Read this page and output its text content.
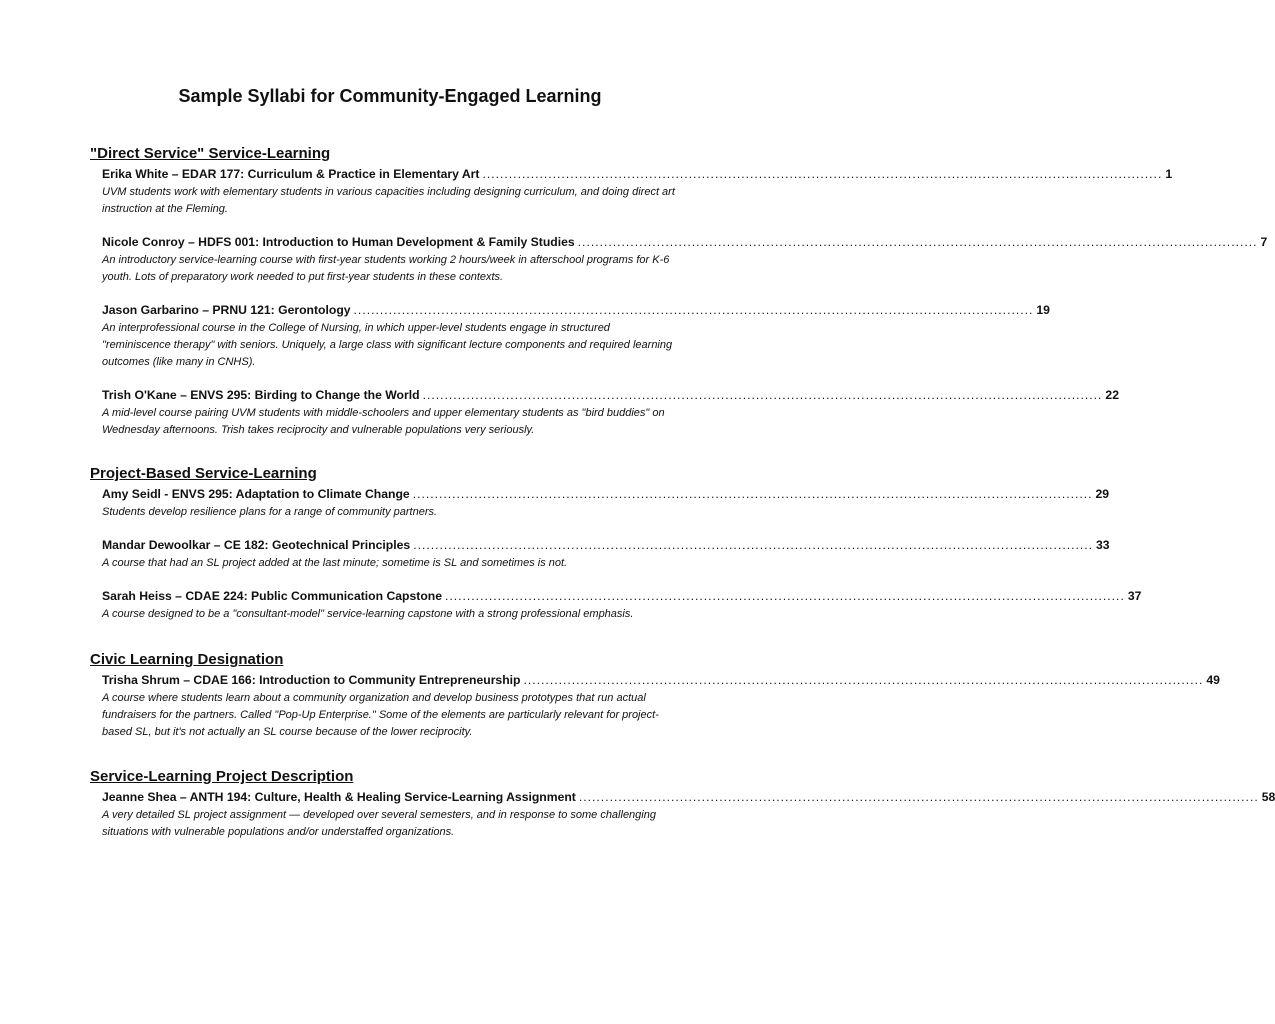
Sample Syllabi for Community-Engaged Learning
"Direct Service" Service-Learning
Erika White – EDAR 177: Curriculum & Practice in Elementary Art ........................................................................................................................................................... 1
UVM students work with elementary students in various capacities including designing curriculum, and doing direct art instruction at the Fleming.
Nicole Conroy – HDFS 001: Introduction to Human Development & Family Studies ........................................................................................................................................................... 7
An introductory service-learning course with first-year students working 2 hours/week in afterschool programs for K-6 youth. Lots of preparatory work needed to put first-year students in these contexts.
Jason Garbarino – PRNU 121: Gerontology ........................................................................................................................................................... 19
An interprofessional course in the College of Nursing, in which upper-level students engage in structured "reminiscence therapy" with seniors. Uniquely, a large class with significant lecture components and required learning outcomes (like many in CNHS).
Trish O'Kane – ENVS 295: Birding to Change the World ........................................................................................................................................................... 22
A mid-level course pairing UVM students with middle-schoolers and upper elementary students as "bird buddies" on Wednesday afternoons. Trish takes reciprocity and vulnerable populations very seriously.
Project-Based Service-Learning
Amy Seidl - ENVS 295: Adaptation to Climate Change ........................................................................................................................................................... 29
Students develop resilience plans for a range of community partners.
Mandar Dewoolkar – CE 182: Geotechnical Principles ........................................................................................................................................................... 33
A course that had an SL project added at the last minute; sometime is SL and sometimes is not.
Sarah Heiss – CDAE 224: Public Communication Capstone ........................................................................................................................................................... 37
A course designed to be a "consultant-model" service-learning capstone with a strong professional emphasis.
Civic Learning Designation
Trisha Shrum – CDAE 166: Introduction to Community Entrepreneurship ........................................................................................................................................................... 49
A course where students learn about a community organization and develop business prototypes that run actual fundraisers for the partners. Called "Pop-Up Enterprise." Some of the elements are particularly relevant for project-based SL, but it's not actually an SL course because of the lower reciprocity.
Service-Learning Project Description
Jeanne Shea – ANTH 194: Culture, Health & Healing Service-Learning Assignment ........................................................................................................................................................... 58
A very detailed SL project assignment — developed over several semesters, and in response to some challenging situations with vulnerable populations and/or understaffed organizations.
